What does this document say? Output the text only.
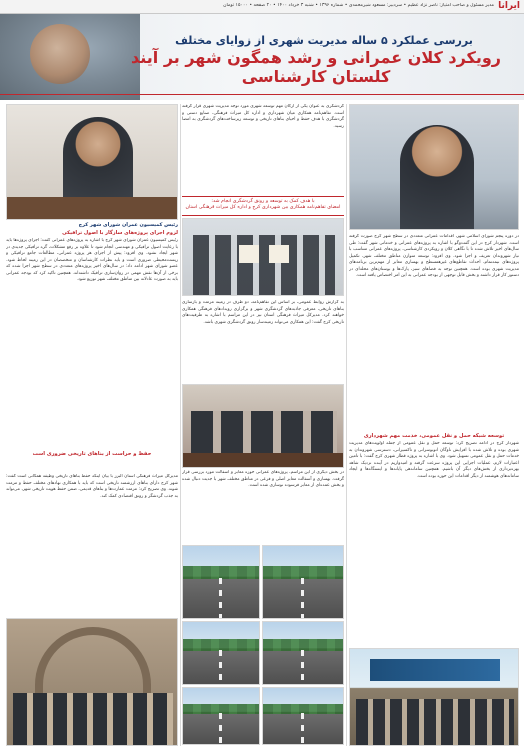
ایرانا
مدیر مسئول و صاحب امتیاز: ناصر نژاد عظیم • سردبیر: مسعود شیرمحمدی • شماره ۱۳۹۶ • شنبه ۳ خرداد ۱۴۰۰ • ۲۰ صفحه • ۱۵۰۰۰ تومان
بررسی عملکرد ۵ ساله مدیریت شهری از زوایای مختلف
رویکرد کلان عمرانی و رشد همگون شهر بر آیند کلستان کارشناسی
در دوره پنجم شورای اسلامی شهر، اقدامات عمرانی متعددی در سطح شهر کرج صورت گرفته است. شهردار کرج در این گفت‌وگو با اشاره به پروژه‌های عمرانی و خدماتی شهر گفت: طی سال‌های اخیر تلاش شده تا با نگاهی کلان و رویکردی کارشناسی، پروژه‌های عمرانی متناسب با نیاز شهروندان تعریف و اجرا شود. وی افزود: توسعه متوازن مناطق مختلف شهر، تکمیل پروژه‌های نیمه‌تمام، احداث تقاطع‌های غیرهمسطح و بهسازی معابر از مهم‌ترین برنامه‌های مدیریت شهری بوده است. همچنین توجه به فضاهای سبز، پارک‌ها و بوستان‌های محله‌ای در دستور کار قرار داشته و بخش قابل توجهی از بودجه عمرانی به این امر اختصاص یافته است.
توسعه شبکه حمل و نقل عمومی، خدمت مهم شهرداری
شهردار کرج در ادامه تصریح کرد: توسعه حمل و نقل عمومی از جمله اولویت‌های مدیریت شهری بوده و تلاش شده با افزایش ناوگان اتوبوسرانی و تاکسیرانی، دسترسی شهروندان به خدمات حمل و نقل عمومی تسهیل شود. وی با اشاره به پروژه قطار شهری کرج گفت: با تامین اعتبارات لازم، عملیات اجرایی این پروژه سرعت گرفته و امیدواریم در آینده نزدیک شاهد بهره‌برداری از بخش‌های دیگر آن باشیم. همچنین ساماندهی پایانه‌ها و ایستگاه‌ها و ایجاد سامانه‌های هوشمند از دیگر اقدامات این حوزه بوده است.
گردشگری به عنوان یکی از ارکان مهم توسعه شهری مورد توجه مدیریت شهری قرار گرفته است. تفاهم‌نامه همکاری میان شهرداری و اداره کل میراث فرهنگی، صنایع دستی و گردشگری با هدف حفظ و احیای بناهای تاریخی و توسعه زیرساخت‌های گردشگری به امضا رسید.
با هدف کمک به توسعه و رونق گردشگری انجام شد:
امضای تفاهم‌نامه همکاری بین شهرداری کرج و اداره کل میراث فرهنگی استان
به گزارش روابط عمومی، بر اساس این تفاهم‌نامه، دو طرف در زمینه مرمت و بازسازی بناهای تاریخی، معرفی جاذبه‌های گردشگری شهر و برگزاری رویدادهای فرهنگی همکاری خواهند کرد. مدیرکل میراث فرهنگی استان نیز در این مراسم با اشاره به ظرفیت‌های تاریخی کرج گفت: این همکاری می‌تواند زمینه‌ساز رونق گردشگری شهری باشد.
در بخش دیگری از این مراسم، پروژه‌های عمرانی حوزه معابر و آسفالت مورد بررسی قرار گرفت. بهسازی و آسفالت معابر اصلی و فرعی در مناطق مختلف شهر با جدیت دنبال شده و بخش عمده‌ای از معابر فرسوده نوسازی شده است.
رئیس کمیسیون عمران شورای شهر کرج
لزوم اجرای پروژه‌های سازگار با اصول ترافیکی
رئیس کمیسیون عمران شورای شهر کرج با اشاره به پروژه‌های عمرانی گفت: اجرای پروژه‌ها باید با رعایت اصول ترافیکی و مهندسی انجام شود تا علاوه بر رفع مشکلات، گره ترافیکی جدیدی در شهر ایجاد نشود. وی افزود: پیش از اجرای هر پروژه عمرانی، مطالعات جامع ترافیکی و زیست‌محیطی ضروری است و باید نظرات کارشناسان و متخصصان در این زمینه لحاظ شود. عضو شورای شهر ادامه داد: در سال‌های اخیر پروژه‌های متعددی در سطح شهر اجرا شده که برخی از آن‌ها نقش مهمی در روان‌سازی ترافیک داشته‌اند. همچنین تاکید کرد که بودجه عمرانی باید به صورت عادلانه بین مناطق مختلف شهر توزیع شود.
حفظ و حراست از بناهای تاریخی ضروری است
مدیرکل میراث فرهنگی استان البرز با بیان اینکه حفظ بناهای تاریخی وظیفه همگانی است گفت: شهر کرج دارای بناهای ارزشمند تاریخی است که باید با همکاری نهادهای مختلف حفظ و مرمت شوند. وی تصریح کرد: مرمت عمارت‌ها و بناهای قدیمی، ضمن حفظ هویت تاریخی شهر، می‌تواند به جذب گردشگر و رونق اقتصادی کمک کند.
